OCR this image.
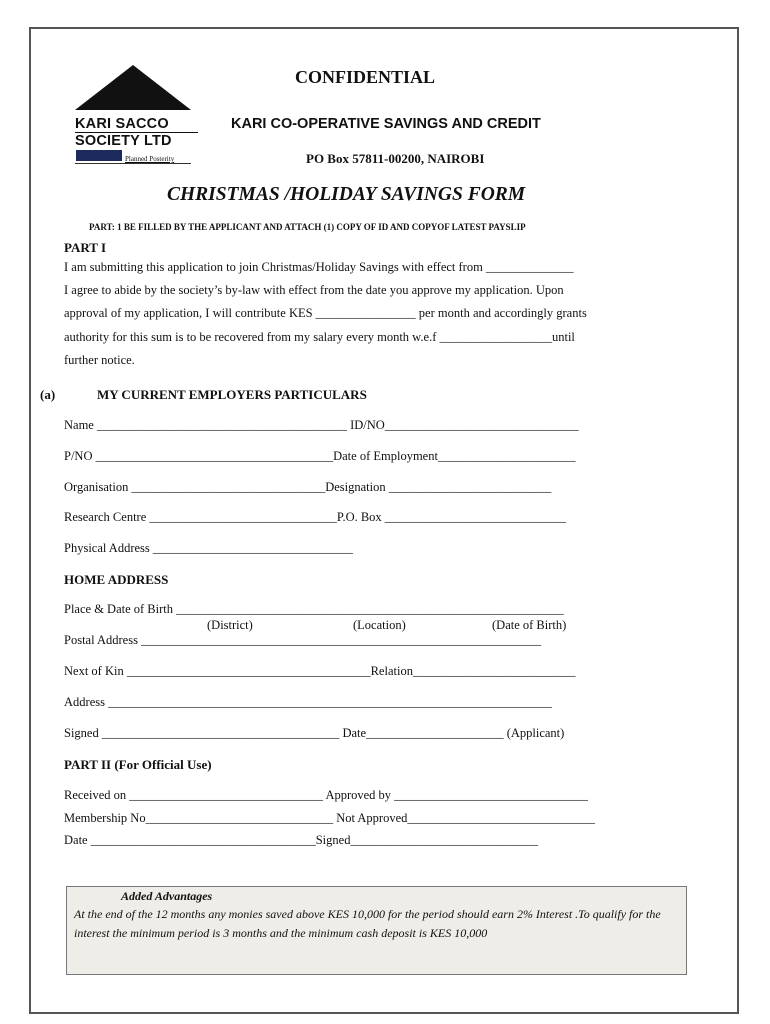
KARI SACCO
SOCIETY LTD
Planned Posterity
CONFIDENTIAL
KARI CO-OPERATIVE SAVINGS AND CREDIT
PO Box 57811-00200, NAIROBI
CHRISTMAS /HOLIDAY SAVINGS FORM
PART: 1 BE FILLED BY THE APPLICANT AND ATTACH (1) COPY OF ID AND COPYOF LATEST PAYSLIP
PART I
I am submitting this application to join Christmas/Holiday Savings with effect from ______________
I agree to abide by the society’s by-law with effect from the date you approve my application. Upon
approval of my application, I will contribute KES ________________ per month and accordingly grants
authority for this sum is to be recovered from my salary every month w.e.f __________________until
further notice.
(a)	MY CURRENT EMPLOYERS PARTICULARS
Name ________________________________________ ID/NO_______________________________
P/NO ______________________________________Date of Employment______________________
Organisation _______________________________Designation __________________________
Research Centre ______________________________P.O. Box _____________________________
Physical Address ________________________________
HOME ADDRESS
Place & Date of Birth ______________________________________________________________
(District)	(Location)	(Date of Birth)
Postal Address ________________________________________________________________
Next of Kin _______________________________________Relation__________________________
Address _______________________________________________________________________
Signed ______________________________________ Date______________________ (Applicant)
PART II (For Official Use)
Received on _______________________________ Approved by _______________________________
Membership No______________________________ Not Approved______________________________
Date ____________________________________Signed______________________________
Added Advantages
At the end of the 12 months any monies saved above KES 10,000 for the period should earn 2% Interest .To qualify for the interest the minimum period is 3 months and the minimum cash deposit is KES 10,000
